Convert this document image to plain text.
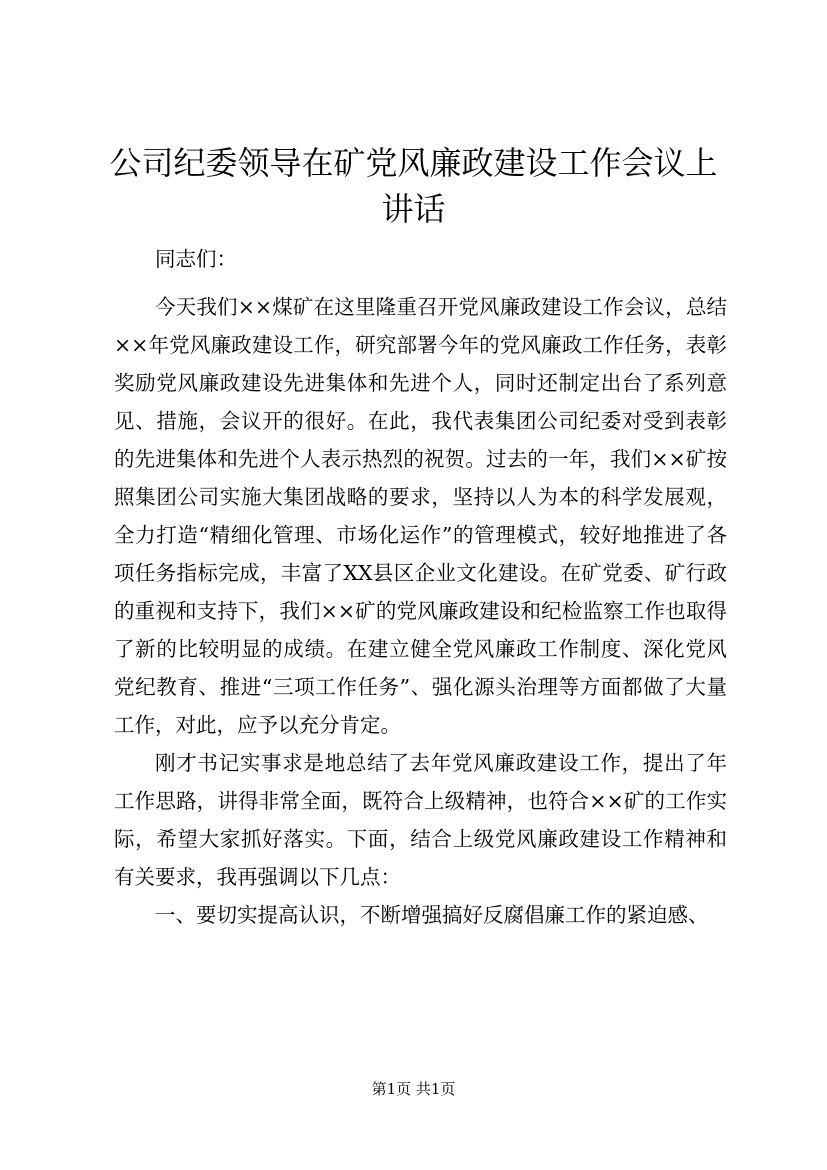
公司纪委领导在矿党风廉政建设工作会议上讲话

同志们：

今天我们××煤矿在这里隆重召开党风廉政建设工作会议，总结××年党风廉政建设工作，研究部署今年的党风廉政工作任务，表彰奖励党风廉政建设先进集体和先进个人，同时还制定出台了系列意见、措施，会议开的很好。在此，我代表集团公司纪委对受到表彰的先进集体和先进个人表示热烈的祝贺。过去的一年，我们××矿按照集团公司实施大集团战略的要求，坚持以人为本的科学发展观，全力打造“精细化管理、市场化运作”的管理模式，较好地推进了各项任务指标完成，丰富了XX县区企业文化建设。在矿党委、矿行政的重视和支持下，我们××矿的党风廉政建设和纪检监察工作也取得了新的比较明显的成绩。在建立健全党风廉政工作制度、深化党风党纪教育、推进“三项工作任务”、强化源头治理等方面都做了大量工作，对此，应予以充分肯定。

刚才书记实事求是地总结了去年党风廉政建设工作，提出了年工作思路，讲得非常全面，既符合上级精神，也符合××矿的工作实际，希望大家抓好落实。下面，结合上级党风廉政建设工作精神和有关要求，我再强调以下几点：

一、要切实提高认识，不断增强搞好反腐倡廉工作的紧迫感、

第1页 共1页
